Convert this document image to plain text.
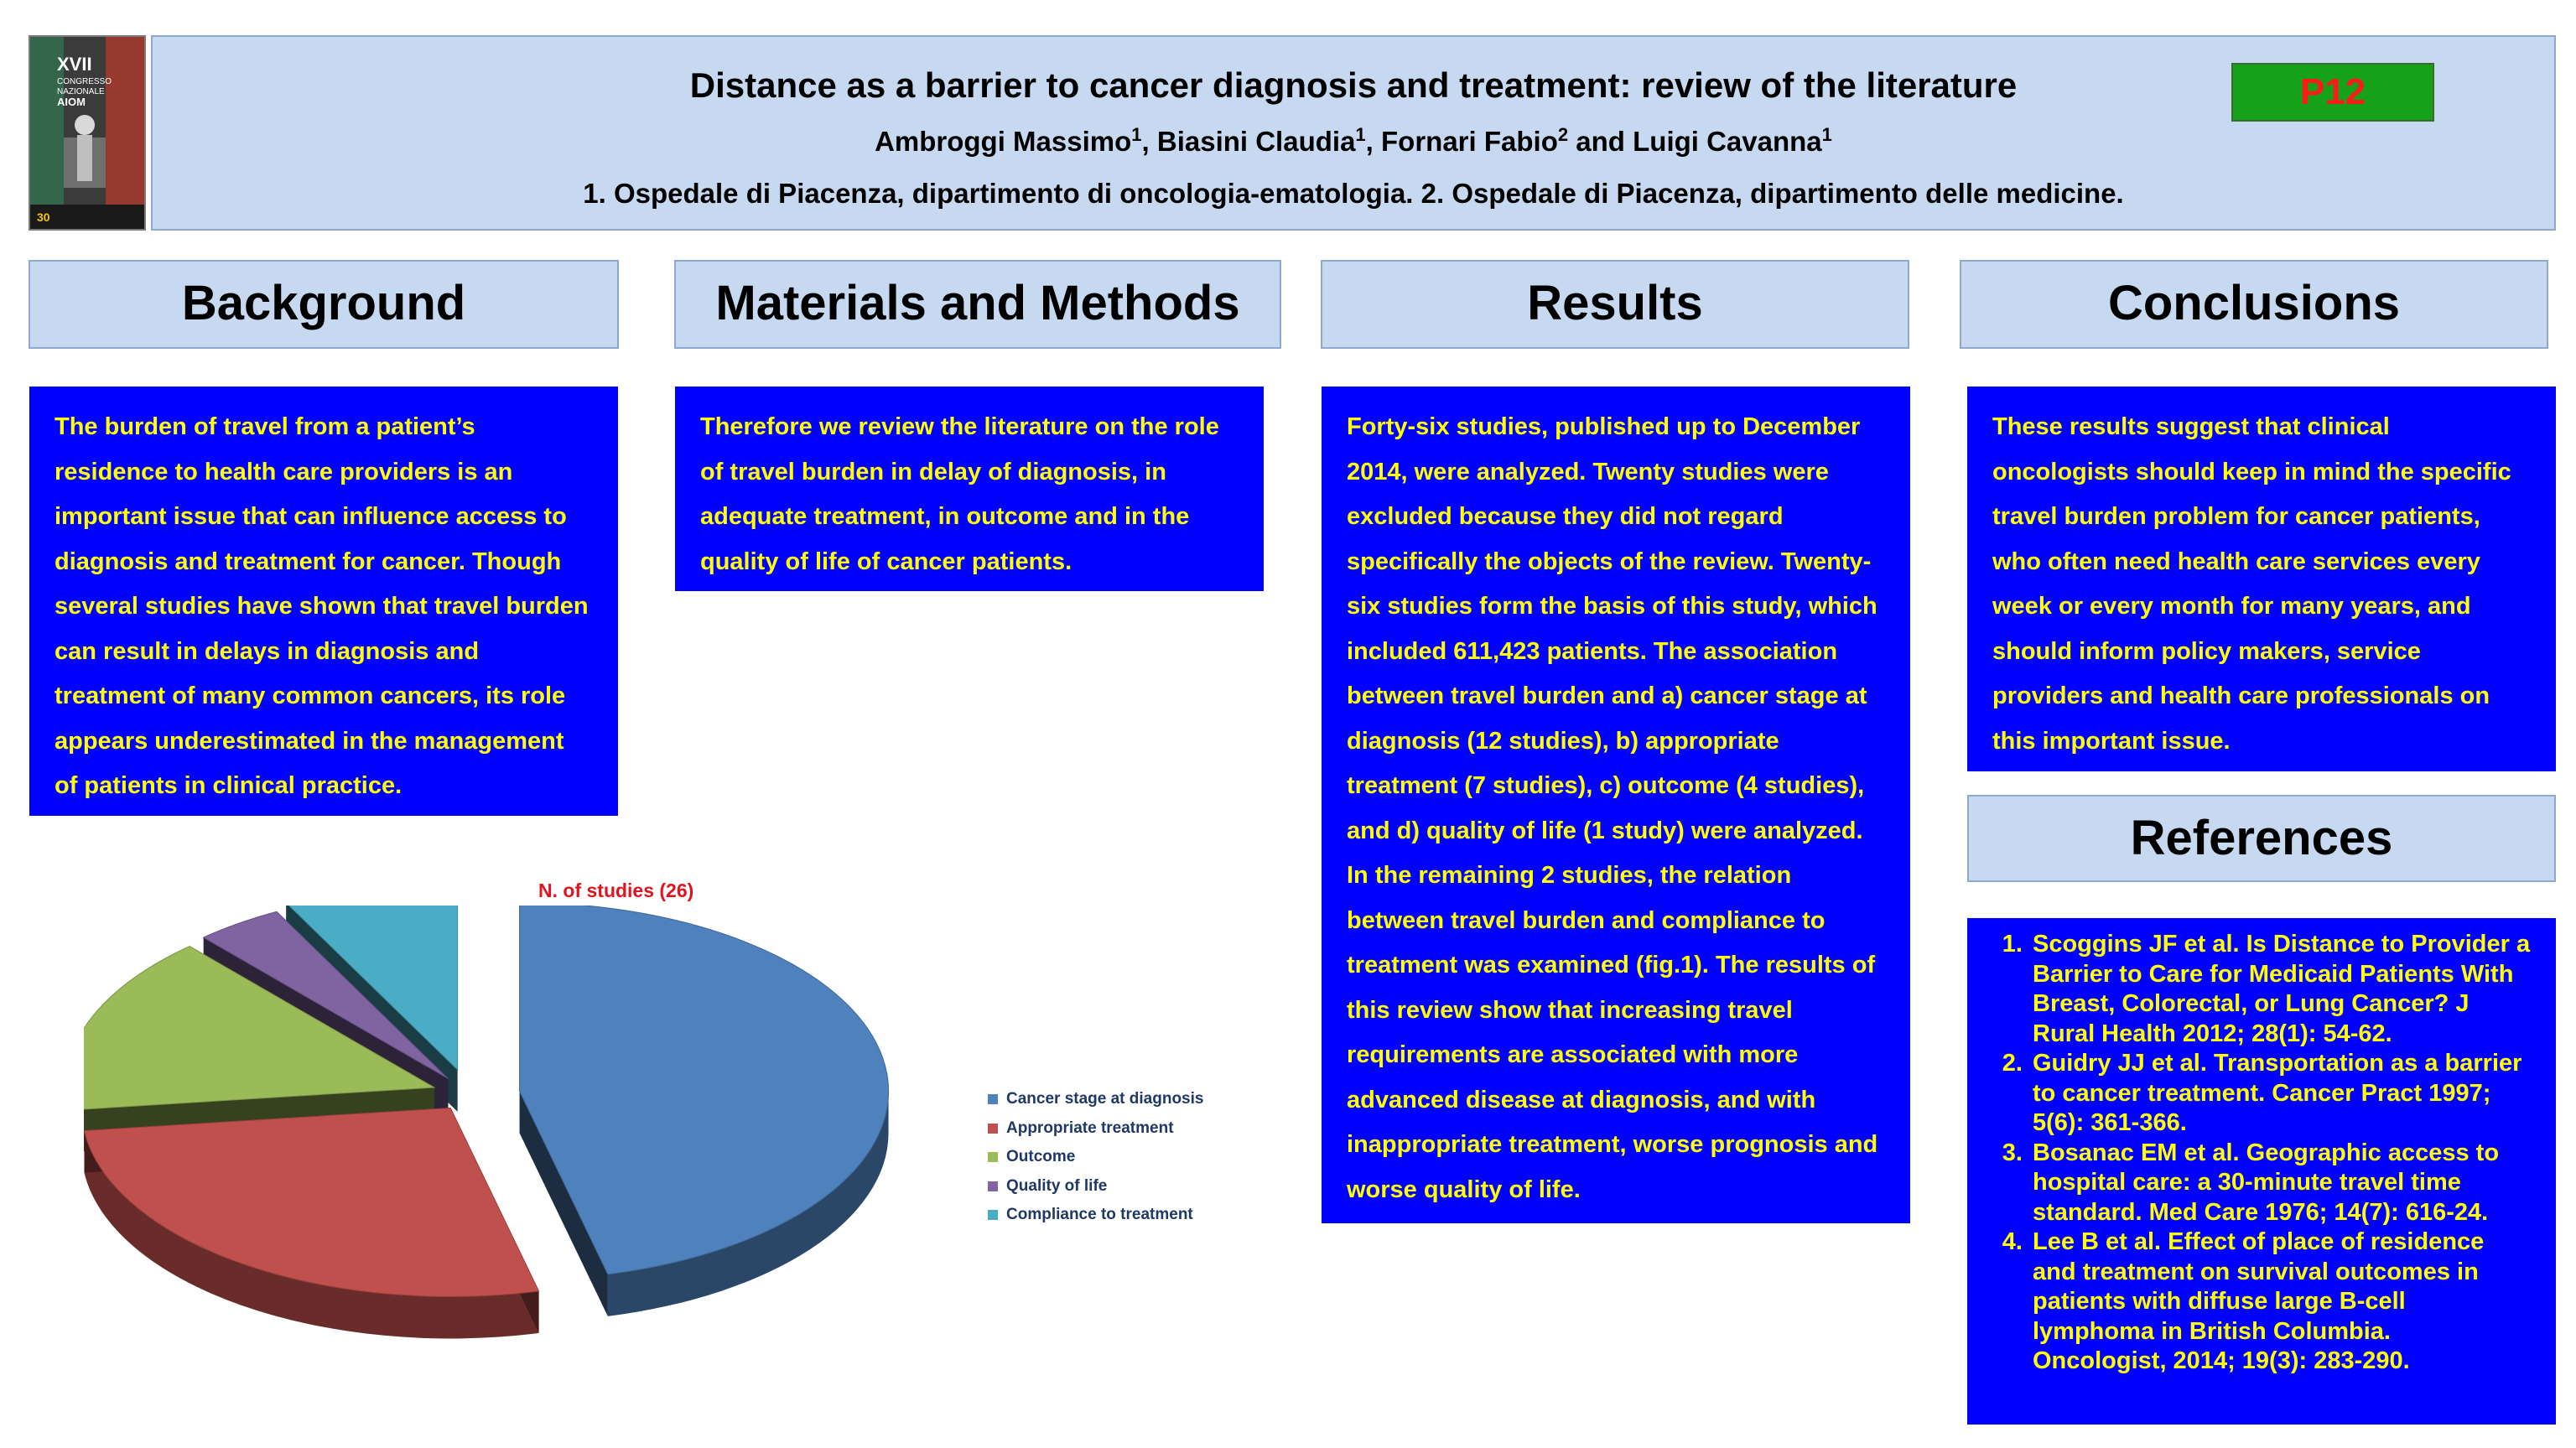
XVII
CONGRESSO
NAZIONALE
AIOM
30
Distance as a barrier to cancer diagnosis and treatment: review of the literature
Ambroggi Massimo$^1$, Biasini Claudia$^1$, Fornari Fabio$^2$ and Luigi Cavanna$^1$
1. Ospedale di Piacenza, dipartimento di oncologia-ematologia. 2. Ospedale di Piacenza, dipartimento delle medicine.
P12
Background	Materials and Methods	Results	Conclusions
References

The burden of travel from a patient’s residence to health care providers is an important issue that can influence access to diagnosis and treatment for cancer. Though several studies have shown that travel burden can result in delays in diagnosis and treatment of many common cancers, its role appears underestimated in the management of patients in clinical practice.

Therefore we review the literature on the role of travel burden in delay of diagnosis, in adequate treatment, in outcome and in the quality of life of cancer patients.

Forty-six studies, published up to December 2014, were analyzed. Twenty studies were excluded because they did not regard specifically the objects of the review. Twenty-six studies form the basis of this study, which included 611,423 patients. The association between travel burden and a) cancer stage at diagnosis (12 studies), b) appropriate treatment (7 studies), c) outcome (4 studies), and d) quality of life (1 study) were analyzed. In the remaining 2 studies, the relation between travel burden and compliance to treatment was examined (fig.1). The results of this review show that increasing travel requirements are associated with more advanced disease at diagnosis, and with inappropriate treatment, worse prognosis and worse quality of life.

These results suggest that clinical oncologists should keep in mind the specific travel burden problem for cancer patients, who often need health care services every week or every month for many years, and should inform policy makers, service providers and health care professionals on this important issue.

1. Scoggins JF et al. Is Distance to Provider a Barrier to Care for Medicaid Patients With Breast, Colorectal, or Lung Cancer? J Rural Health 2012; 28(1): 54-62.
2. Guidry JJ et al. Transportation as a barrier to cancer treatment. Cancer Pract 1997; 5(6): 361-366.
3. Bosanac EM et al. Geographic access to hospital care: a 30-minute travel time standard. Med Care 1976; 14(7): 616-24.
4. Lee B et al. Effect of place of residence and treatment on survival outcomes in patients with diffuse large B-cell lymphoma in British Columbia. Oncologist, 2014; 19(3): 283-290.
N. of studies (26)
Cancer stage at diagnosis
Appropriate treatment
Outcome
Quality of life
Compliance to treatment
